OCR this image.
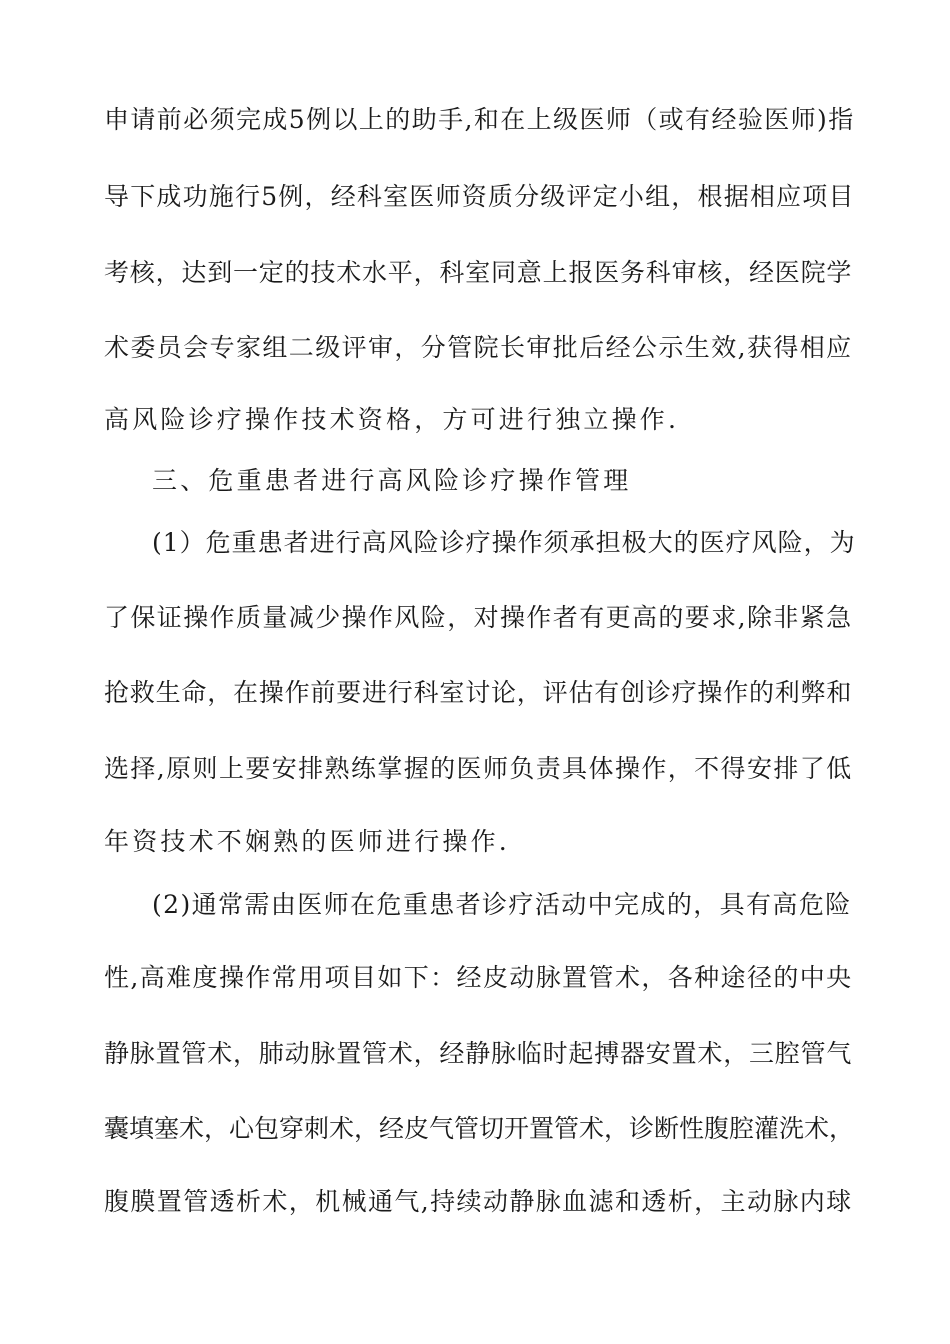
申请前必须完成5例以上的助手,和在上级医师（或有经验医师)指
导下成功施行5例，经科室医师资质分级评定小组，根据相应项目
考核，达到一定的技术水平，科室同意上报医务科审核，经医院学
术委员会专家组二级评审，分管院长审批后经公示生效,获得相应
高风险诊疗操作技术资格，方可进行独立操作.
三、危重患者进行高风险诊疗操作管理
(1）危重患者进行高风险诊疗操作须承担极大的医疗风险，为
了保证操作质量减少操作风险，对操作者有更高的要求,除非紧急
抢救生命，在操作前要进行科室讨论，评估有创诊疗操作的利弊和
选择,原则上要安排熟练掌握的医师负责具体操作，不得安排了低
年资技术不娴熟的医师进行操作.
(2)通常需由医师在危重患者诊疗活动中完成的，具有高危险
性,高难度操作常用项目如下：经皮动脉置管术，各种途径的中央
静脉置管术，肺动脉置管术，经静脉临时起搏器安置术，三腔管气
囊填塞术，心包穿刺术，经皮气管切开置管术，诊断性腹腔灌洗术，
腹膜置管透析术，机械通气,持续动静脉血滤和透析，主动脉内球
